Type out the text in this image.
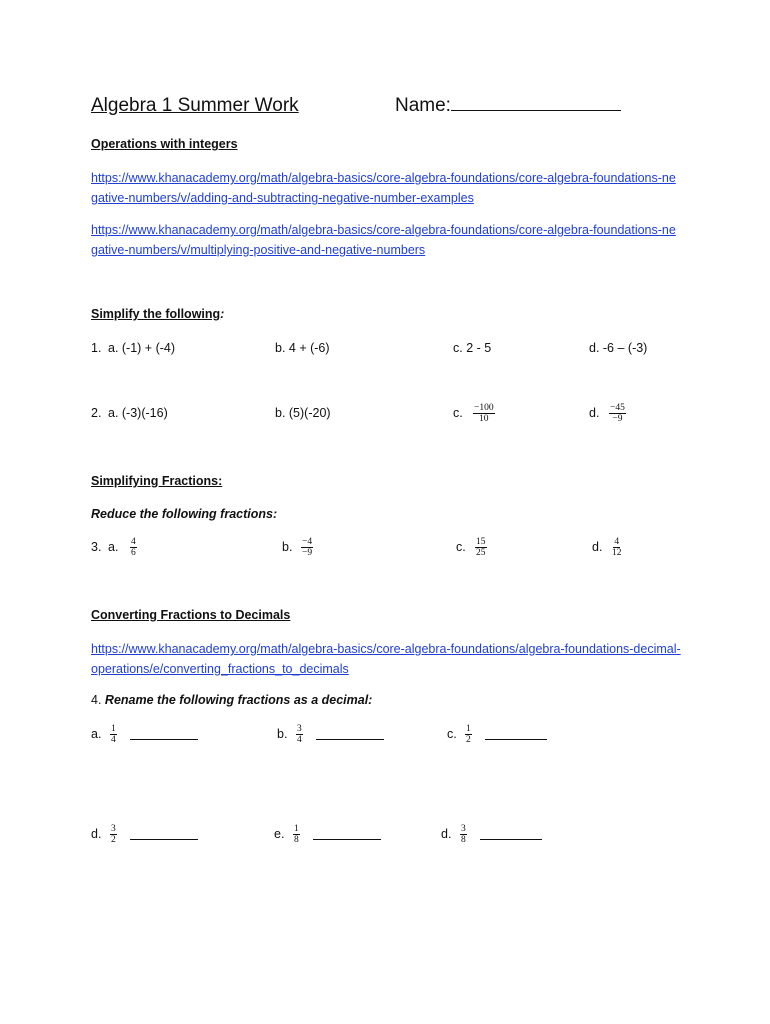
Algebra 1 Summer Work	Name:
Operations with integers
https://www.khanacademy.org/math/algebra-basics/core-algebra-foundations/core-algebra-foundations-negative-numbers/v/adding-and-subtracting-negative-number-examples
https://www.khanacademy.org/math/algebra-basics/core-algebra-foundations/core-algebra-foundations-negative-numbers/v/multiplying-positive-and-negative-numbers
Simplify the following:
1. a. (-1) + (-4)	b. 4 + (-6)	c. 2 - 5	d. -6 – (-3)
2. a. (-3)(-16)	b. (5)(-20)	c. $\frac{-100}{10}$	d. $\frac{-45}{-9}$
Simplifying Fractions:
Reduce the following fractions:
3. a. $\frac{4}{6}$	b. $\frac{-4}{-9}$	c. $\frac{15}{25}$	d. $\frac{4}{12}$
Converting Fractions to Decimals
https://www.khanacademy.org/math/algebra-basics/core-algebra-foundations/algebra-foundations-decimal-operations/e/converting_fractions_to_decimals
4. Rename the following fractions as a decimal:
a. $\frac{1}{4}$	b. $\frac{3}{4}$	c. $\frac{1}{2}$
d. $\frac{3}{2}$	e. $\frac{1}{8}$	d. $\frac{3}{8}$
